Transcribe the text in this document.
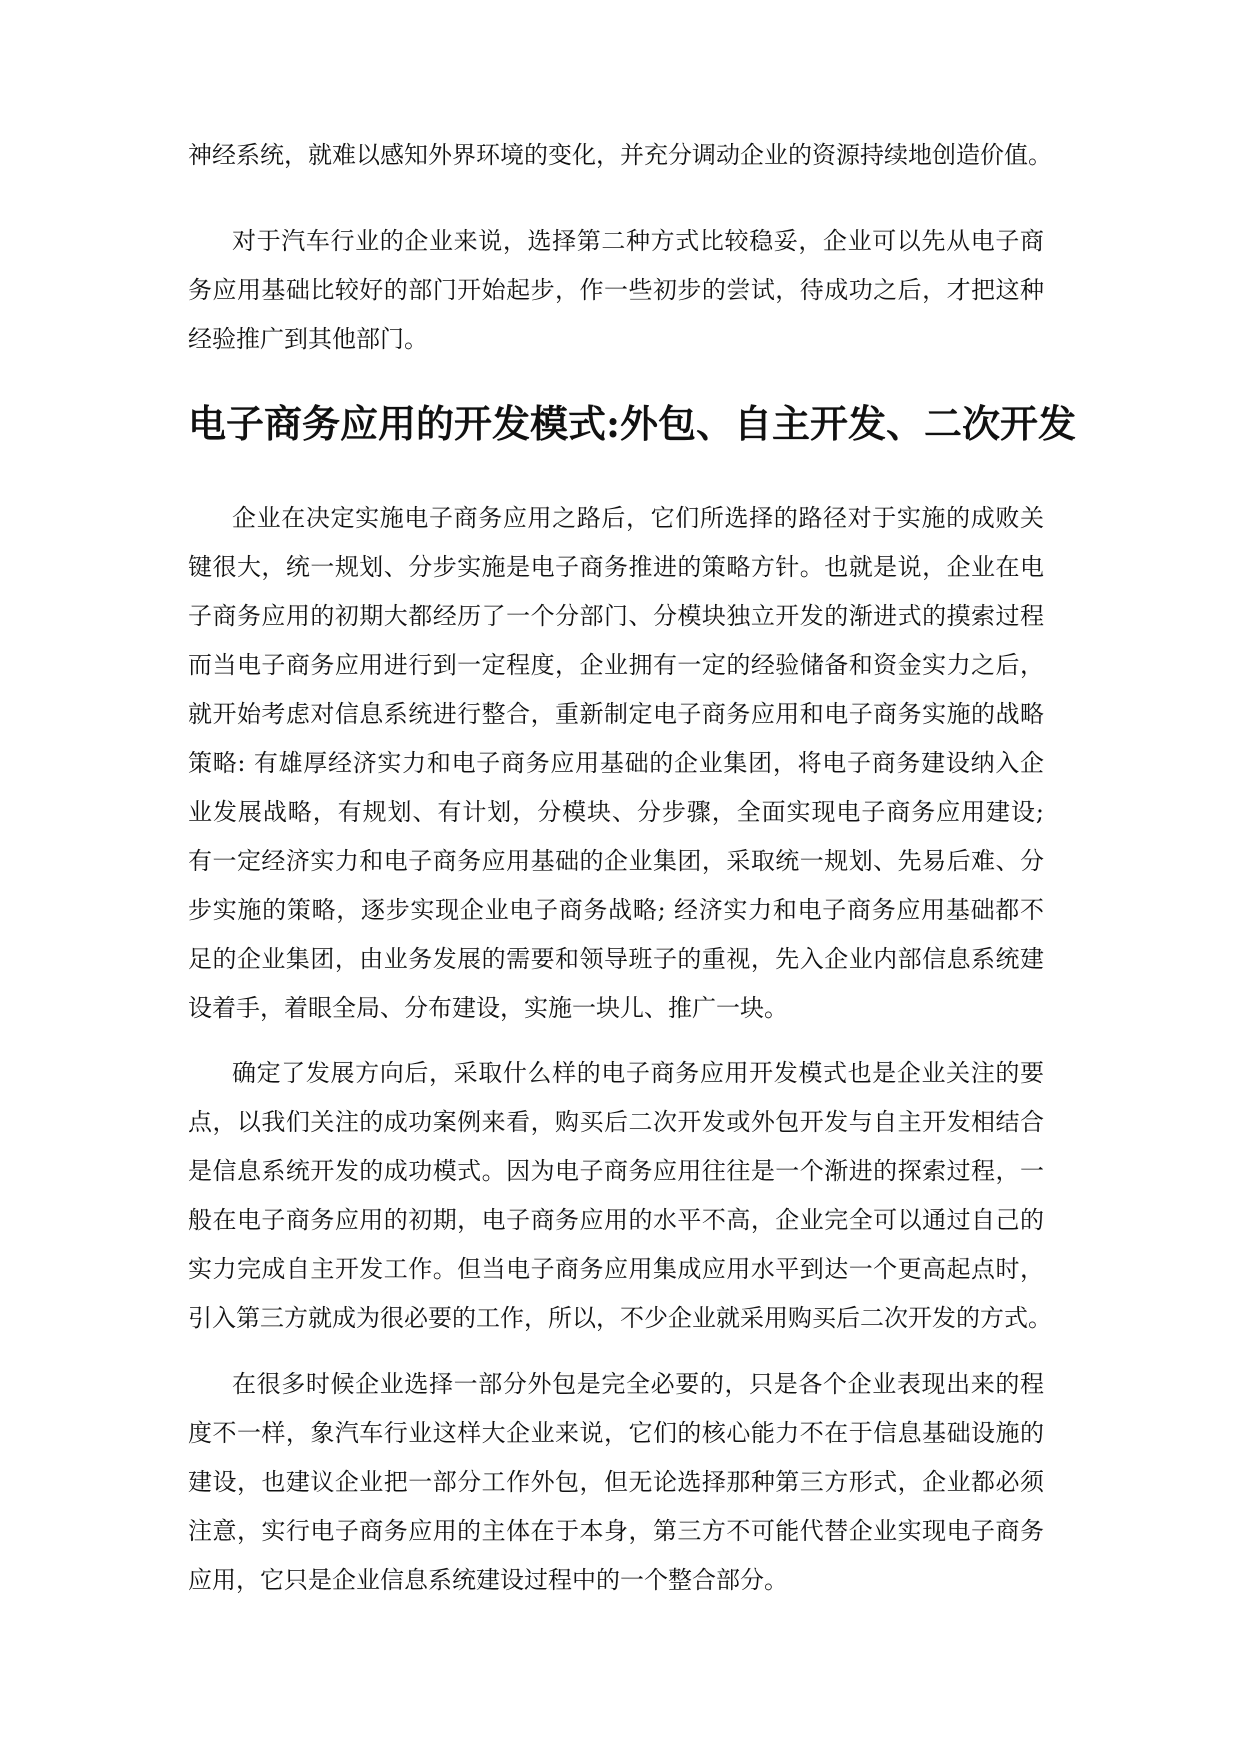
神经系统，就难以感知外界环境的变化，并充分调动企业的资源持续地创造价值。
对于汽车行业的企业来说，选择第二种方式比较稳妥，企业可以先从电子商
务应用基础比较好的部门开始起步，作一些初步的尝试，待成功之后，才把这种
经验推广到其他部门。
电子商务应用的开发模式:外包、自主开发、二次开发
企业在决定实施电子商务应用之路后，它们所选择的路径对于实施的成败关
键很大，统一规划、分步实施是电子商务推进的策略方针。也就是说，企业在电
子商务应用的初期大都经历了一个分部门、分模块独立开发的渐进式的摸索过程
而当电子商务应用进行到一定程度，企业拥有一定的经验储备和资金实力之后，
就开始考虑对信息系统进行整合，重新制定电子商务应用和电子商务实施的战略
策略: 有雄厚经济实力和电子商务应用基础的企业集团，将电子商务建设纳入企
业发展战略，有规划、有计划，分模块、分步骤，全面实现电子商务应用建设;
有一定经济实力和电子商务应用基础的企业集团，采取统一规划、先易后难、分
步实施的策略，逐步实现企业电子商务战略; 经济实力和电子商务应用基础都不
足的企业集团，由业务发展的需要和领导班子的重视，先入企业内部信息系统建
设着手，着眼全局、分布建设，实施一块儿、推广一块。
确定了发展方向后，采取什么样的电子商务应用开发模式也是企业关注的要
点，以我们关注的成功案例来看，购买后二次开发或外包开发与自主开发相结合
是信息系统开发的成功模式。因为电子商务应用往往是一个渐进的探索过程，一
般在电子商务应用的初期，电子商务应用的水平不高，企业完全可以通过自己的
实力完成自主开发工作。但当电子商务应用集成应用水平到达一个更高起点时，
引入第三方就成为很必要的工作，所以，不少企业就采用购买后二次开发的方式。
在很多时候企业选择一部分外包是完全必要的，只是各个企业表现出来的程
度不一样，象汽车行业这样大企业来说，它们的核心能力不在于信息基础设施的
建设，也建议企业把一部分工作外包，但无论选择那种第三方形式，企业都必须
注意，实行电子商务应用的主体在于本身，第三方不可能代替企业实现电子商务
应用，它只是企业信息系统建设过程中的一个整合部分。
